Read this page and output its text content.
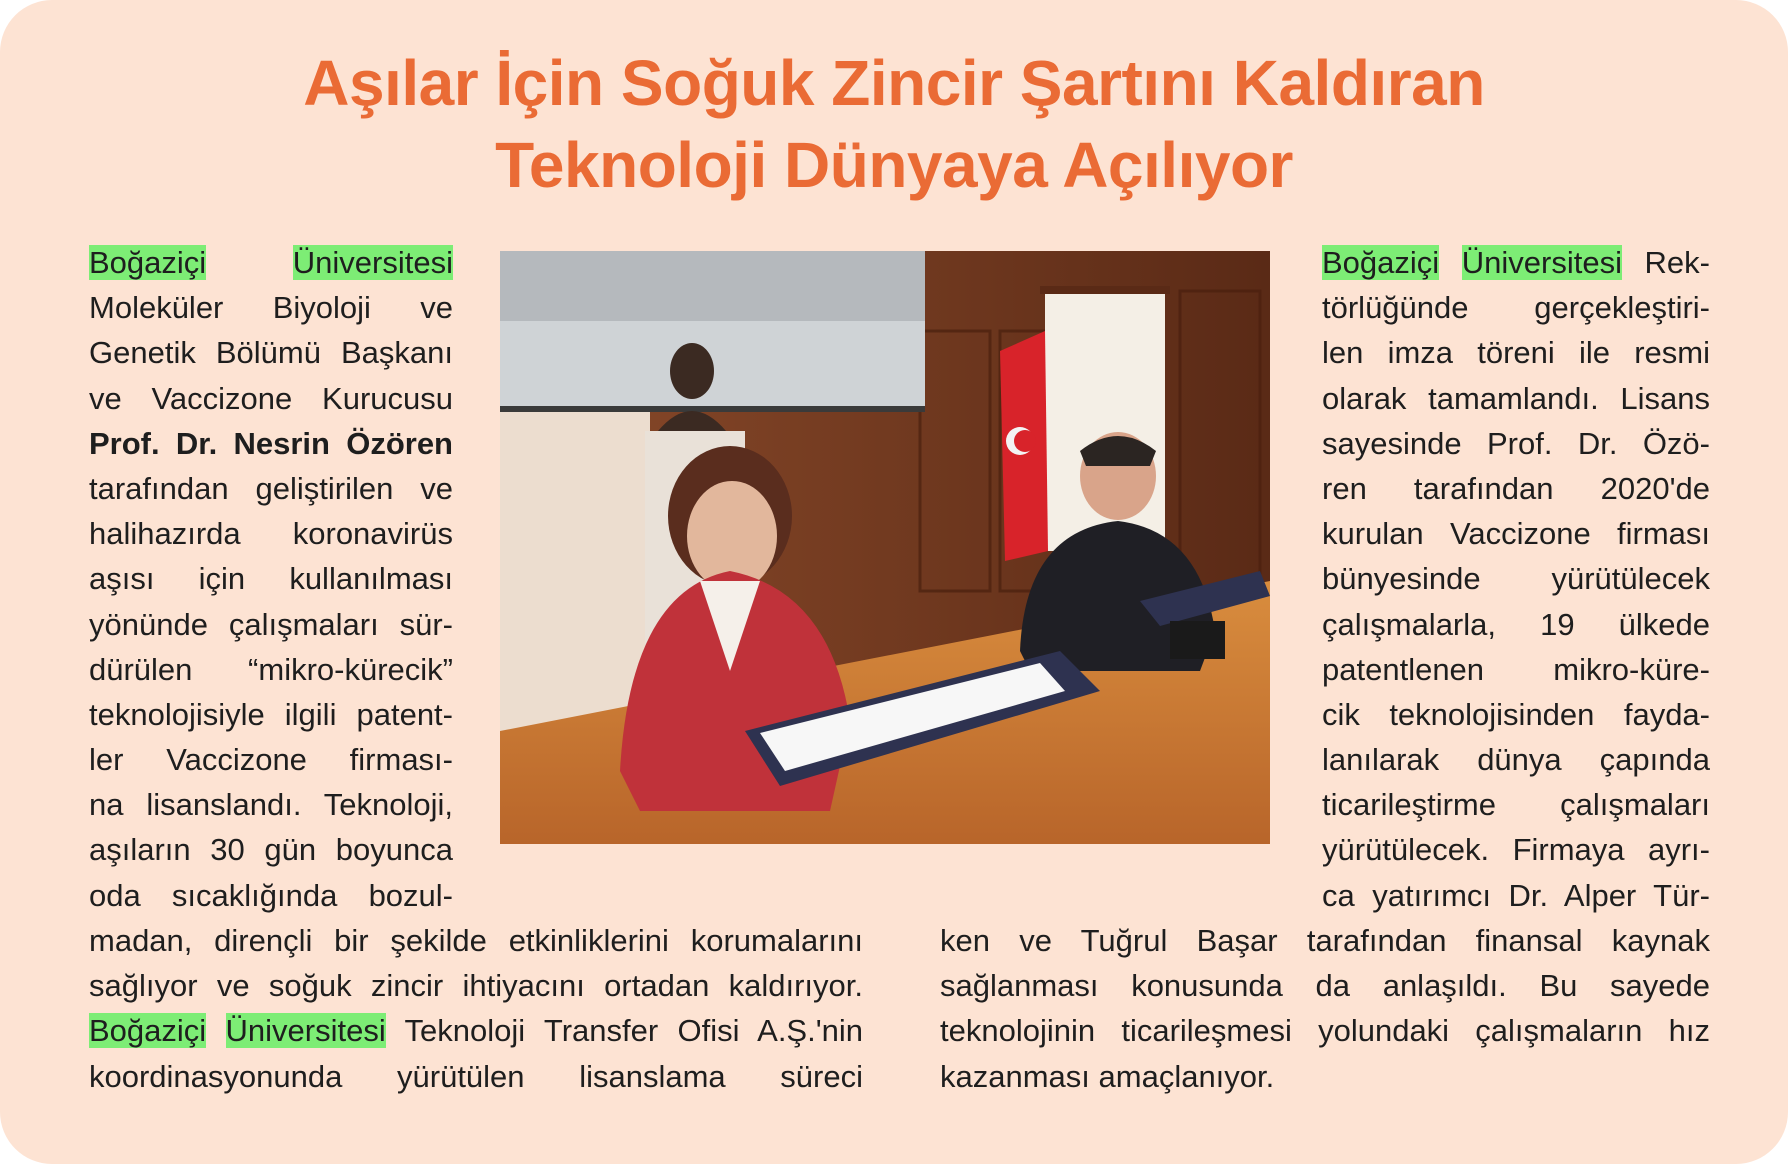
Aşılar İçin Soğuk Zincir Şartını Kaldıran
Teknoloji Dünyaya Açılıyor
Boğaziçi	Üniversitesi
Moleküler Biyoloji ve
Genetik Bölümü Başkanı
ve Vaccizone Kurucusu
Prof. Dr. Nesrin Özören
tarafından geliştirilen ve
halihazırda koronavirüs
aşısı için kullanılması
yönünde çalışmaları sür-
dürülen “mikro-kürecik”
teknolojisiyle ilgili patent-
ler Vaccizone firması-
na lisanslandı. Teknoloji,
aşıların 30 gün boyunca
oda sıcaklığında bozul-
Boğaziçi Üniversitesi Rek-
törlüğünde gerçekleştiri-
len imza töreni ile resmi
olarak tamamlandı. Lisans
sayesinde Prof. Dr. Özö-
ren tarafından 2020'de
kurulan Vaccizone firması
bünyesinde yürütülecek
çalışmalarla, 19 ülkede
patentlenen mikro-küre-
cik teknolojisinden fayda-
lanılarak dünya çapında
ticarileştirme çalışmaları
yürütülecek. Firmaya ayrı-
ca yatırımcı Dr. Alper Tür-
madan, dirençli bir şekilde etkinliklerini korumalarını
sağlıyor ve soğuk zincir ihtiyacını ortadan kaldırıyor.
Boğaziçi Üniversitesi Teknoloji Transfer Ofisi A.Ş.'nin
koordinasyonunda yürütülen lisanslama süreci
ken ve Tuğrul Başar tarafından finansal kaynak
sağlanması konusunda da anlaşıldı. Bu sayede
teknolojinin ticarileşmesi yolundaki çalışmaların hız
kazanması amaçlanıyor.
